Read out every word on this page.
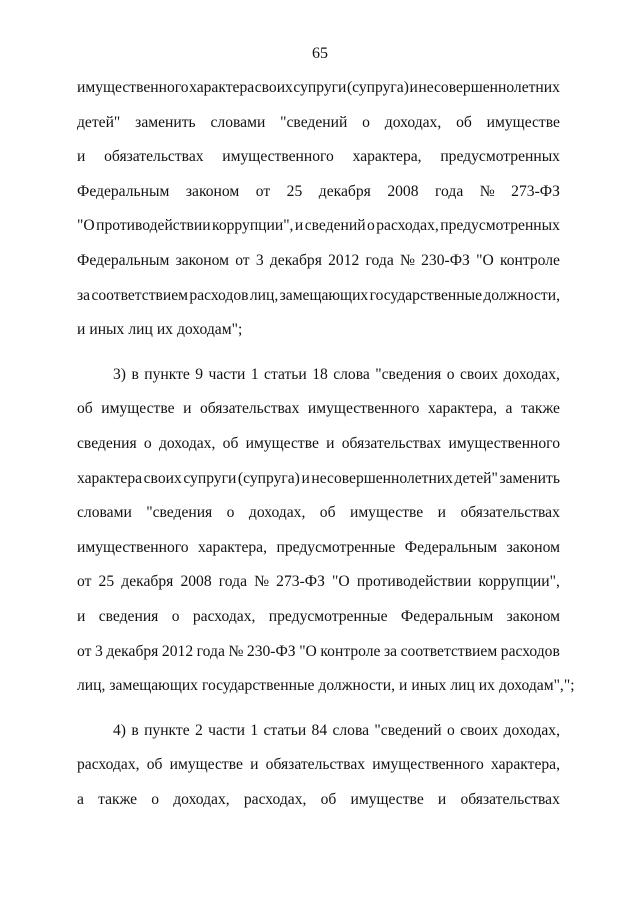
65
имущественного характера своих супруги (супруга) и несовершеннолетних
детей" заменить словами "сведений о доходах, об имуществе
и обязательствах имущественного характера, предусмотренных
Федеральным законом от 25 декабря 2008 года № 273-ФЗ
"О противодействии коррупции", и сведений о расходах, предусмотренных
Федеральным законом от 3 декабря 2012 года № 230-ФЗ "О контроле
за соответствием расходов лиц, замещающих государственные должности,
и иных лиц их доходам";
3) в пункте 9 части 1 статьи 18 слова "сведения о своих доходах,
об имуществе и обязательствах имущественного характера, а также
сведения о доходах, об имуществе и обязательствах имущественного
характера своих супруги (супруга) и несовершеннолетних детей" заменить
словами "сведения о доходах, об имуществе и обязательствах
имущественного характера, предусмотренные Федеральным законом
от 25 декабря 2008 года № 273-ФЗ "О противодействии коррупции",
и сведения о расходах, предусмотренные Федеральным законом
от 3 декабря 2012 года № 230-ФЗ "О контроле за соответствием расходов
лиц, замещающих государственные должности, и иных лиц их доходам",";
4) в пункте 2 части 1 статьи 84 слова "сведений о своих доходах,
расходах, об имуществе и обязательствах имущественного характера,
а также о доходах, расходах, об имуществе и обязательствах
